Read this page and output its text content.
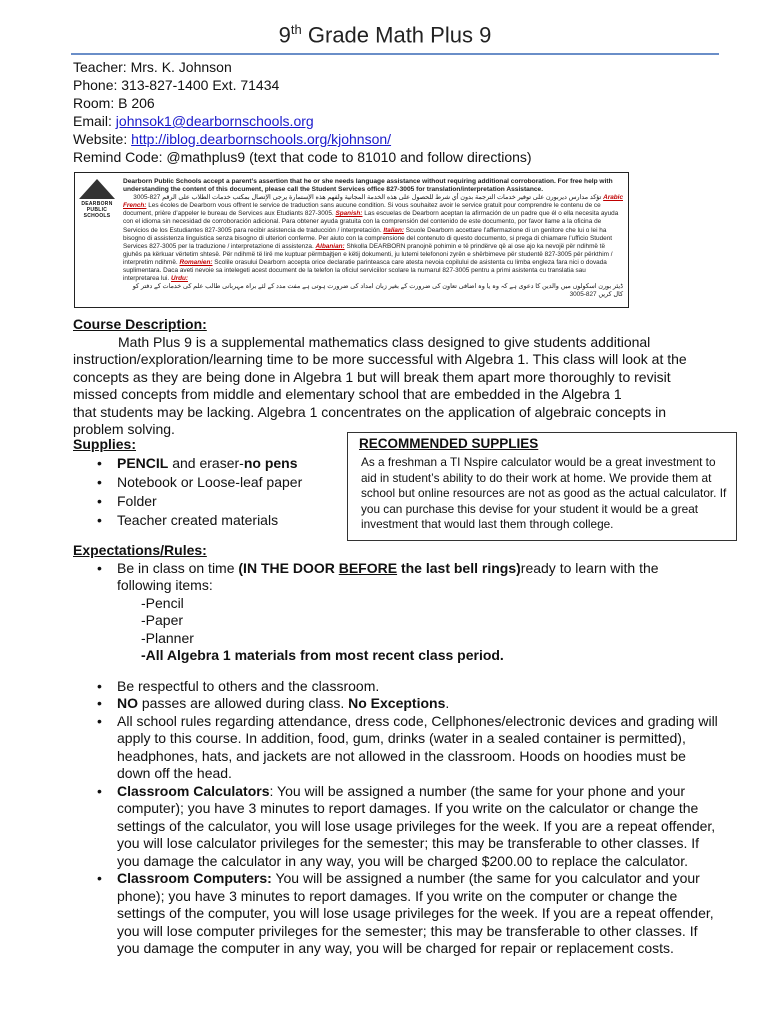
9th Grade Math Plus 9
Teacher: Mrs. K. Johnson
Phone: 313-827-1400 Ext. 71434
Room: B 206
Email: johnsok1@dearbornschools.org
Website: http://iblog.dearbornschools.org/kjohnson/
Remind Code: @mathplus9 (text that code to 81010 and follow directions)
DEARBORN PUBLIC SCHOOLS
Dearborn Public Schools accept a parent’s assertion that he or she needs language assistance without requiring additional corroboration. For free help with understanding the content of this document, please call the Student Services office 827-3005 for translation/interpretation Assistance.
Arabic تؤكد مدارس ديربورن على توفير خدمات الترجمة بدون أي شرط للحصول على هذه الخدمة المجانية ولفهم هذه الإستمارة يرجى الإتصال بمكتب خدمات الطلاب على الرقم 827-3005
French: Les écoles de Dearborn vous offrent le service de traduction sans aucune condition. Si vous souhaitez avoir le service gratuit pour comprendre le contenu de ce document, prière d’appeler le bureau de Services aux Etudiants 827-3005. Spanish: Las escuelas de Dearborn aceptan la afirmación de un padre que él o ella necesita ayuda con el idioma sin necesidad de corroboración adicional. Para obtener ayuda gratuita con la comprensión del contenido de este documento, por favor llame a la oficina de Servicios de los Estudiantes 827-3005 para recibir asistencia de traducción / interpretación. Italian: Scuole Dearborn accettare l’affermazione di un genitore che lui o lei ha bisogno di assistenza linguistica senza bisogno di ulteriori conferme. Per aiuto con la comprensione del contenuto di questo documento, si prega di chiamare l’ufficio Student Services 827-3005 per la traduzione / interpretazione di assistenza. Albanian: Shkolla DEARBORN pranojnë pohimin e të prindërve që ai ose ajo ka nevojë për ndihmë të gjuhës pa kërkuar vërtetim shtesë. Për ndihmë të lirë me kuptuar përmbajtjen e këtij dokumenti, ju lutemi telefononi zyrën e shërbimeve për studentë 827-3005 për përkthim / interpretim ndihmë. Romanien: Scolile orasului Dearborn accepta orice declaratie parinteasca care atesta nevoia copilului de asistenta cu limba engleza fara nici o dovada suplimentara. Daca aveti nevoie sa intelegeti acest document de la telefon la oficiul serviciilor scolare la numarul 827-3005 pentru a primi asistenta cu translatia sau interpretarea lui. Urdu:
ڈیئر بورن اسکولوں میں والدین کا دعوی ہے کہ وہ یا وہ اضافی تعاون کی ضرورت کے بغیر زبان امداد کی ضرورت ہوتی ہے مفت مدد کے لئے براہ مہربانی طالب علم کی خدمات کے دفتر کو کال کریں 827-3005
Course Description:
Math Plus 9 is a supplemental mathematics class designed to give students additional
instruction/exploration/learning time to be more successful with Algebra 1. This class will look at the
concepts as they are being done in Algebra 1 but will break them apart more thoroughly to revisit
missed concepts from middle and elementary school that are embedded in the Algebra 1
that students may be lacking. Algebra 1 concentrates on the application of algebraic concepts in
problem solving.
Supplies:
• PENCIL and eraser-no pens
• Notebook or Loose-leaf paper
• Folder
• Teacher created materials
RECOMMENDED SUPPLIES
As a freshman a TI Nspire calculator would be a great investment to aid in student’s ability to do their work at home. We provide them at school but online resources are not as good as the actual calculator. If you can purchase this devise for your student it would be a great investment that would last them through college.
Expectations/Rules:
• Be in class on time (IN THE DOOR BEFORE the last bell rings)ready to learn with the
following items:
-Pencil
-Paper
-Planner
-All Algebra 1 materials from most recent class period.
• Be respectful to others and the classroom.
• NO passes are allowed during class. No Exceptions.
• All school rules regarding attendance, dress code, Cellphones/electronic devices and grading will apply to this course. In addition, food, gum, drinks (water in a sealed container is permitted), headphones, hats, and jackets are not allowed in the classroom. Hoods on hoodies must be down off the head.
• Classroom Calculators: You will be assigned a number (the same for your phone and your computer); you have 3 minutes to report damages. If you write on the calculator or change the settings of the calculator, you will lose usage privileges for the week. If you are a repeat offender, you will lose calculator privileges for the semester; this may be transferable to other classes. If you damage the calculator in any way, you will be charged $200.00 to replace the calculator.
• Classroom Computers: You will be assigned a number (the same for you calculator and your phone); you have 3 minutes to report damages. If you write on the computer or change the settings of the computer, you will lose usage privileges for the week. If you are a repeat offender, you will lose computer privileges for the semester; this may be transferable to other classes. If you damage the computer in any way, you will be charged for repair or replacement costs.
